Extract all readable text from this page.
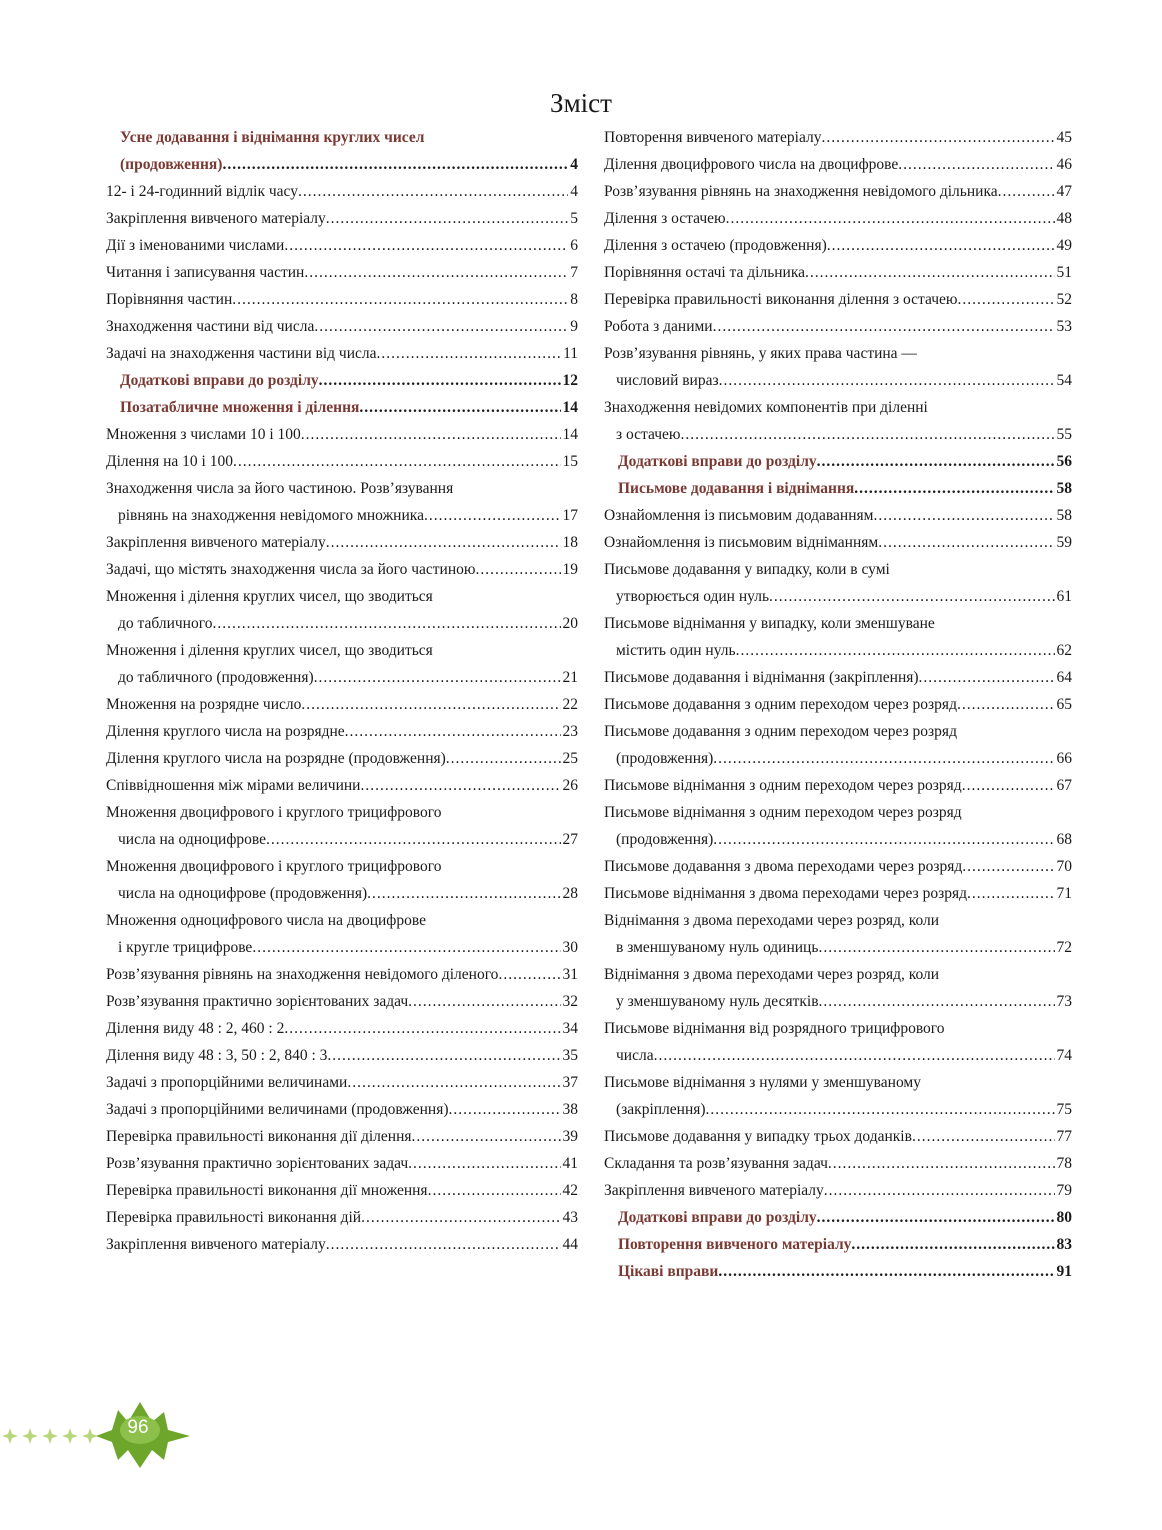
Зміст
Усне додавання і віднімання круглих чисел
(продовження) .....	4
12- і 24-годинний відлік часу .....	4
Закріплення вивченого матеріалу .....	5
Дії з іменованими числами .....	6
Читання і записування частин .....	7
Порівняння частин .....	8
Знаходження частини від числа .....	9
Задачі на знаходження частини від числа .....	11
Додаткові вправи до розділу .....	12
Позатабличне множення і ділення .....	14
Множення з числами 10 і 100 .....	14
Ділення на 10 і 100 .....	15
Знаходження числа за його частиною. Розв’язування
рівнянь на знаходження невідомого множника .....	17
Закріплення вивченого матеріалу .....	18
Задачі, що містять знаходження числа за його частиною .....	19
Множення і ділення круглих чисел, що зводиться
до табличного .....	20
Множення і ділення круглих чисел, що зводиться
до табличного (продовження) .....	21
Множення на розрядне число .....	22
Ділення круглого числа на розрядне .....	23
Ділення круглого числа на розрядне (продовження) .....	25
Співвідношення між мірами величини .....	26
Множення двоцифрового і круглого трицифрового
числа на одноцифрове .....	27
Множення двоцифрового і круглого трицифрового
числа на одноцифрове (продовження) .....	28
Множення одноцифрового числа на двоцифрове
і кругле трицифрове .....	30
Розв’язування рівнянь на знаходження невідомого діленого .....	31
Розв’язування практично зорієнтованих задач .....	32
Ділення виду 48 : 2, 460 : 2 .....	34
Ділення виду 48 : 3, 50 : 2, 840 : 3 .....	35
Задачі з пропорційними величинами .....	37
Задачі з пропорційними величинами (продовження) .....	38
Перевірка правильності виконання дії ділення .....	39
Розв’язування практично зорієнтованих задач .....	41
Перевірка правильності виконання дії множення .....	42
Перевірка правильності виконання дій .....	43
Закріплення вивченого матеріалу .....	44
Повторення вивченого матеріалу .....	45
Ділення двоцифрового числа на двоцифрове .....	46
Розв’язування рівнянь на знаходження невідомого дільника .....	47
Ділення з остачею .....	48
Ділення з остачею (продовження) .....	49
Порівняння остачі та дільника .....	51
Перевірка правильності виконання ділення з остачею .....	52
Робота з даними .....	53
Розв’язування рівнянь, у яких права частина —
числовий вираз .....	54
Знаходження невідомих компонентів при діленні
з остачею .....	55
Додаткові вправи до розділу .....	56
Письмове додавання і віднімання .....	58
Ознайомлення із письмовим додаванням .....	58
Ознайомлення із письмовим відніманням .....	59
Письмове додавання у випадку, коли в сумі
утворюється один нуль .....	61
Письмове віднімання у випадку, коли зменшуване
містить один нуль .....	62
Письмове додавання і віднімання (закріплення) .....	64
Письмове додавання з одним переходом через розряд .....	65
Письмове додавання з одним переходом через розряд
(продовження) .....	66
Письмове віднімання з одним переходом через розряд .....	67
Письмове віднімання з одним переходом через розряд
(продовження) .....	68
Письмове додавання з двома переходами через розряд .....	70
Письмове віднімання з двома переходами через розряд .....	71
Віднімання з двома переходами через розряд, коли
в зменшуваному нуль одиниць .....	72
Віднімання з двома переходами через розряд, коли
у зменшуваному нуль десятків .....	73
Письмове віднімання від розрядного трицифрового
числа .....	74
Письмове віднімання з нулями у зменшуваному
(закріплення) .....	75
Письмове додавання у випадку трьох доданків .....	77
Складання та розв’язування задач .....	78
Закріплення вивченого матеріалу .....	79
Додаткові вправи до розділу .....	80
Повторення вивченого матеріалу .....	83
Цікаві вправи .....	91
96
